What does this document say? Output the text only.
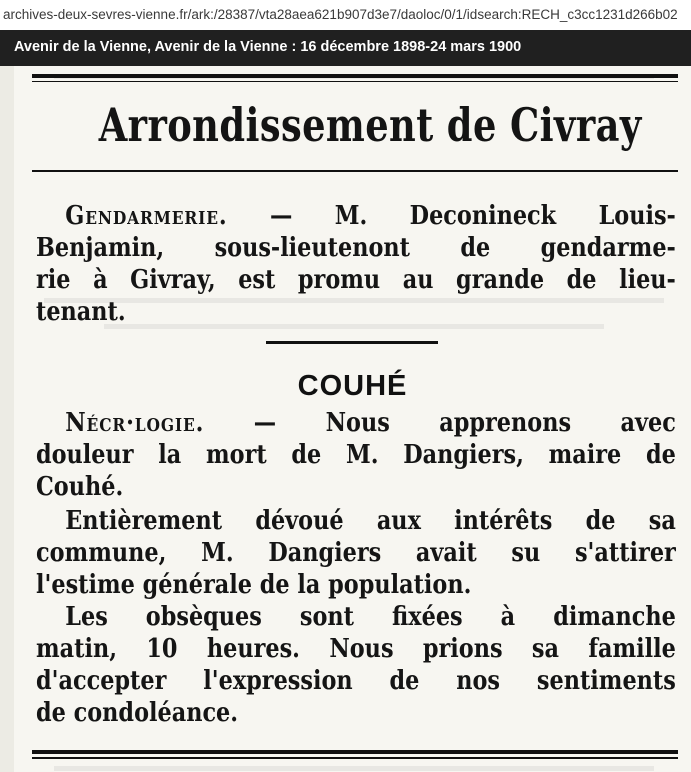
archives-deux-sevres-vienne.fr/ark:/28387/vta28aea621b907d3e7/daoloc/0/1/idsearch:RECH_c3cc1231d266b02
Avenir de la Vienne, Avenir de la Vienne : 16 décembre 1898-24 mars 1900
Arrondissement de Civray
Gendarmerie. — M. Deconineck Louis-
Benjamin, sous-lieutenont de gendarme-
rie à Givray, est promu au grande de lieu-
tenant.
COUHÉ
Nécr·logie. — Nous apprenons avec
douleur la mort de M. Dangiers, maire de
Couhé.
Entièrement dévoué aux intérêts de sa
commune, M. Dangiers avait su s'attirer
l'estime générale de la population.
Les obsèques sont fixées à dimanche
matin, 10 heures. Nous prions sa famille
d'accepter l'expression de nos sentiments
de condoléance.
